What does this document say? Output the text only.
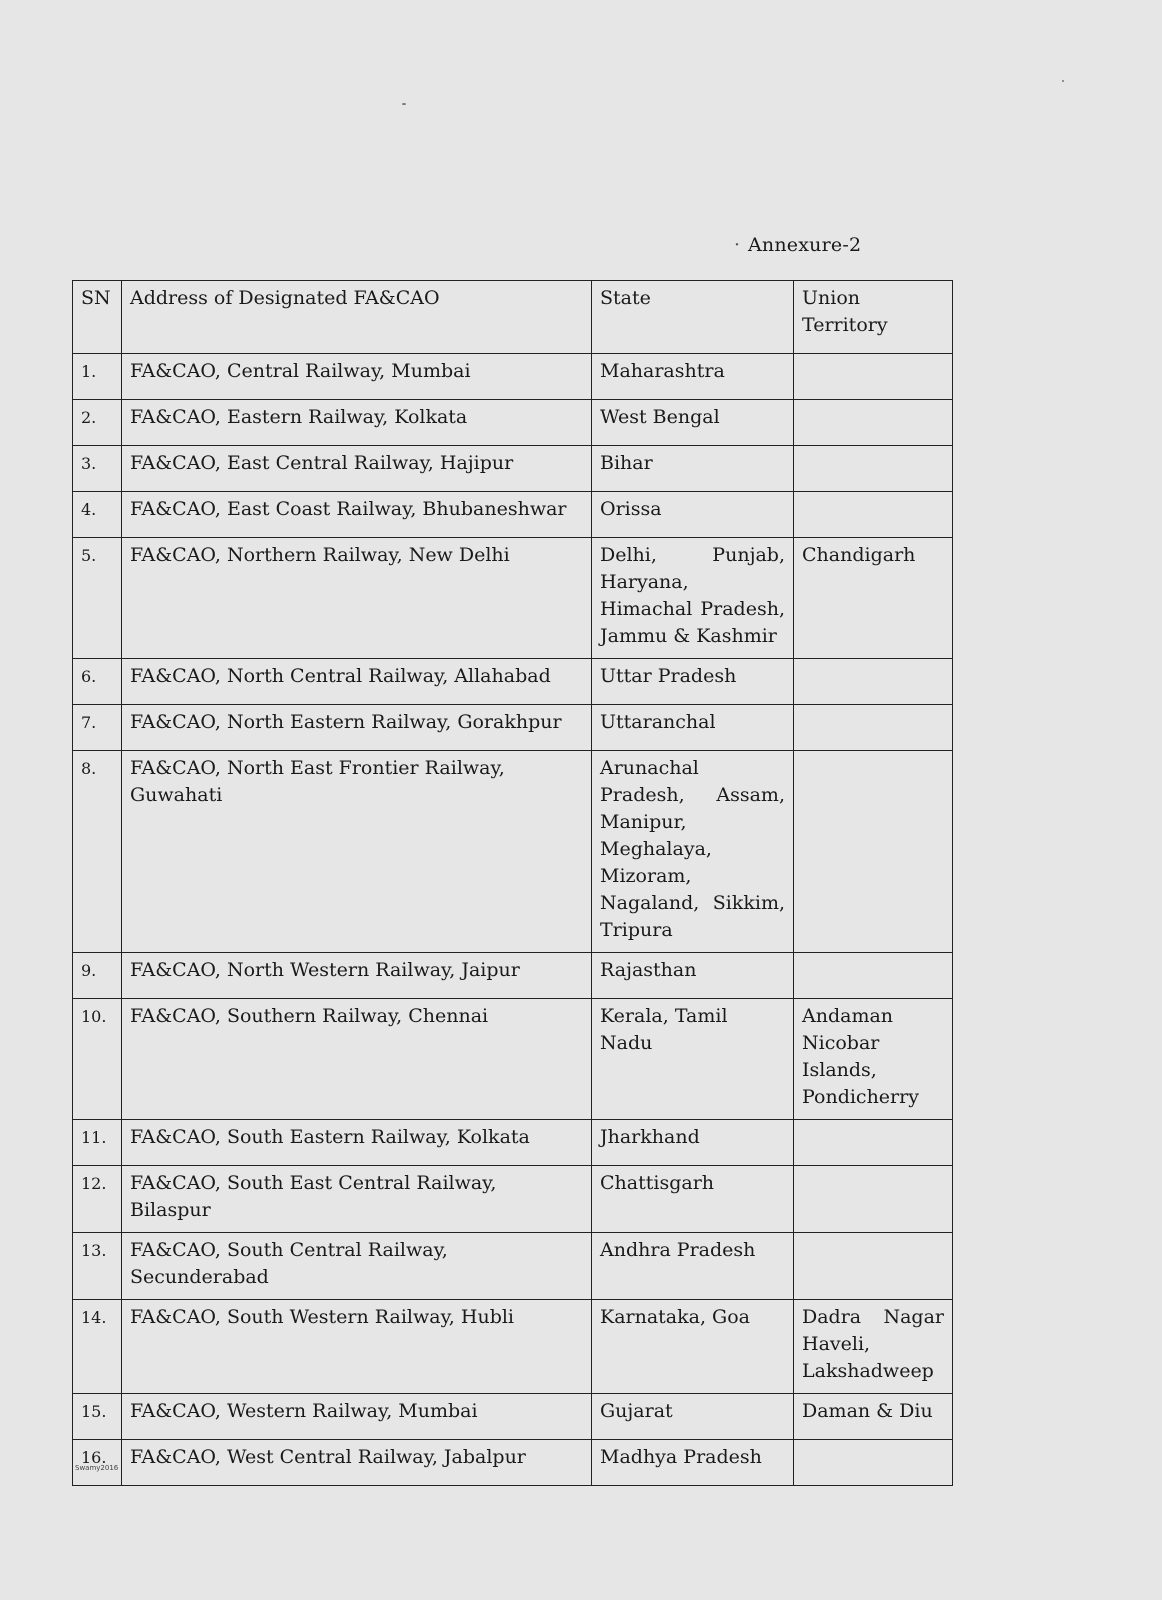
· Annexure-2
SN	Address of Designated FA&CAO	State	Union Territory
1.	FA&CAO, Central Railway, Mumbai	Maharashtra	
2.	FA&CAO, Eastern Railway, Kolkata	West Bengal	
3.	FA&CAO, East Central Railway, Hajipur	Bihar	
4.	FA&CAO, East Coast Railway, Bhubaneshwar	Orissa	
5.	FA&CAO, Northern Railway, New Delhi	Delhi, Punjab, Haryana, Himachal Pradesh, Jammu & Kashmir	Chandigarh
6.	FA&CAO, North Central Railway, Allahabad	Uttar Pradesh	
7.	FA&CAO, North Eastern Railway, Gorakhpur	Uttaranchal	
8.	FA&CAO, North East Frontier Railway, Guwahati	Arunachal Pradesh, Assam, Manipur, Meghalaya, Mizoram, Nagaland, Sikkim, Tripura	
9.	FA&CAO, North Western Railway, Jaipur	Rajasthan	
10.	FA&CAO, Southern Railway, Chennai	Kerala, Tamil Nadu	Andaman Nicobar Islands, Pondicherry
11.	FA&CAO, South Eastern Railway, Kolkata	Jharkhand	
12.	FA&CAO, South East Central Railway, Bilaspur	Chattisgarh	
13.	FA&CAO, South Central Railway, Secunderabad	Andhra Pradesh	
14.	FA&CAO, South Western Railway, Hubli	Karnataka, Goa	Dadra Nagar Haveli, Lakshadweep
15.	FA&CAO, Western Railway, Mumbai	Gujarat	Daman & Diu
16.	FA&CAO, West Central Railway, Jabalpur	Madhya Pradesh	
Swamy2016
